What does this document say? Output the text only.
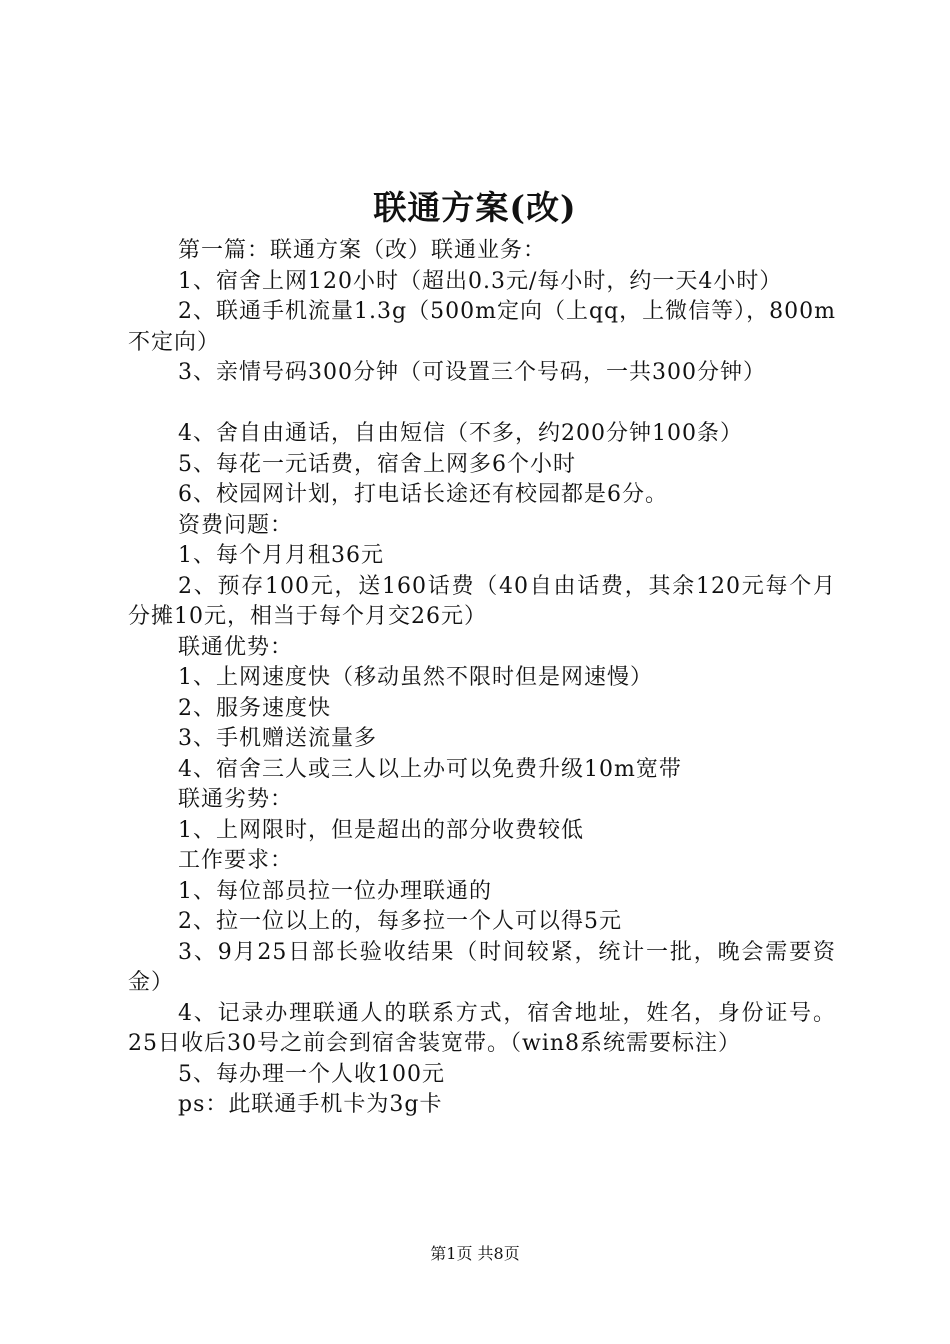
联通方案(改)
第一篇：联通方案（改）联通业务：
1、宿舍上网120小时（超出0.3元/每小时，约一天4小时）
2、联通手机流量1.3g（500m定向（上qq，上微信等），800m不定向）
3、亲情号码300分钟（可设置三个号码，一共300分钟）
4、舍自由通话，自由短信（不多，约200分钟100条）
5、每花一元话费，宿舍上网多6个小时
6、校园网计划，打电话长途还有校园都是6分。
资费问题：
1、每个月月租36元
2、预存100元，送160话费（40自由话费，其余120元每个月分摊10元，相当于每个月交26元）
联通优势：
1、上网速度快（移动虽然不限时但是网速慢）
2、服务速度快
3、手机赠送流量多
4、宿舍三人或三人以上办可以免费升级10m宽带
联通劣势：
1、上网限时，但是超出的部分收费较低
工作要求：
1、每位部员拉一位办理联通的
2、拉一位以上的，每多拉一个人可以得5元
3、9月25日部长验收结果（时间较紧，统计一批，晚会需要资金）
4、记录办理联通人的联系方式，宿舍地址，姓名，身份证号。25日收后30号之前会到宿舍装宽带。（win8系统需要标注）
5、每办理一个人收100元
ps：此联通手机卡为3g卡
第1页 共8页
